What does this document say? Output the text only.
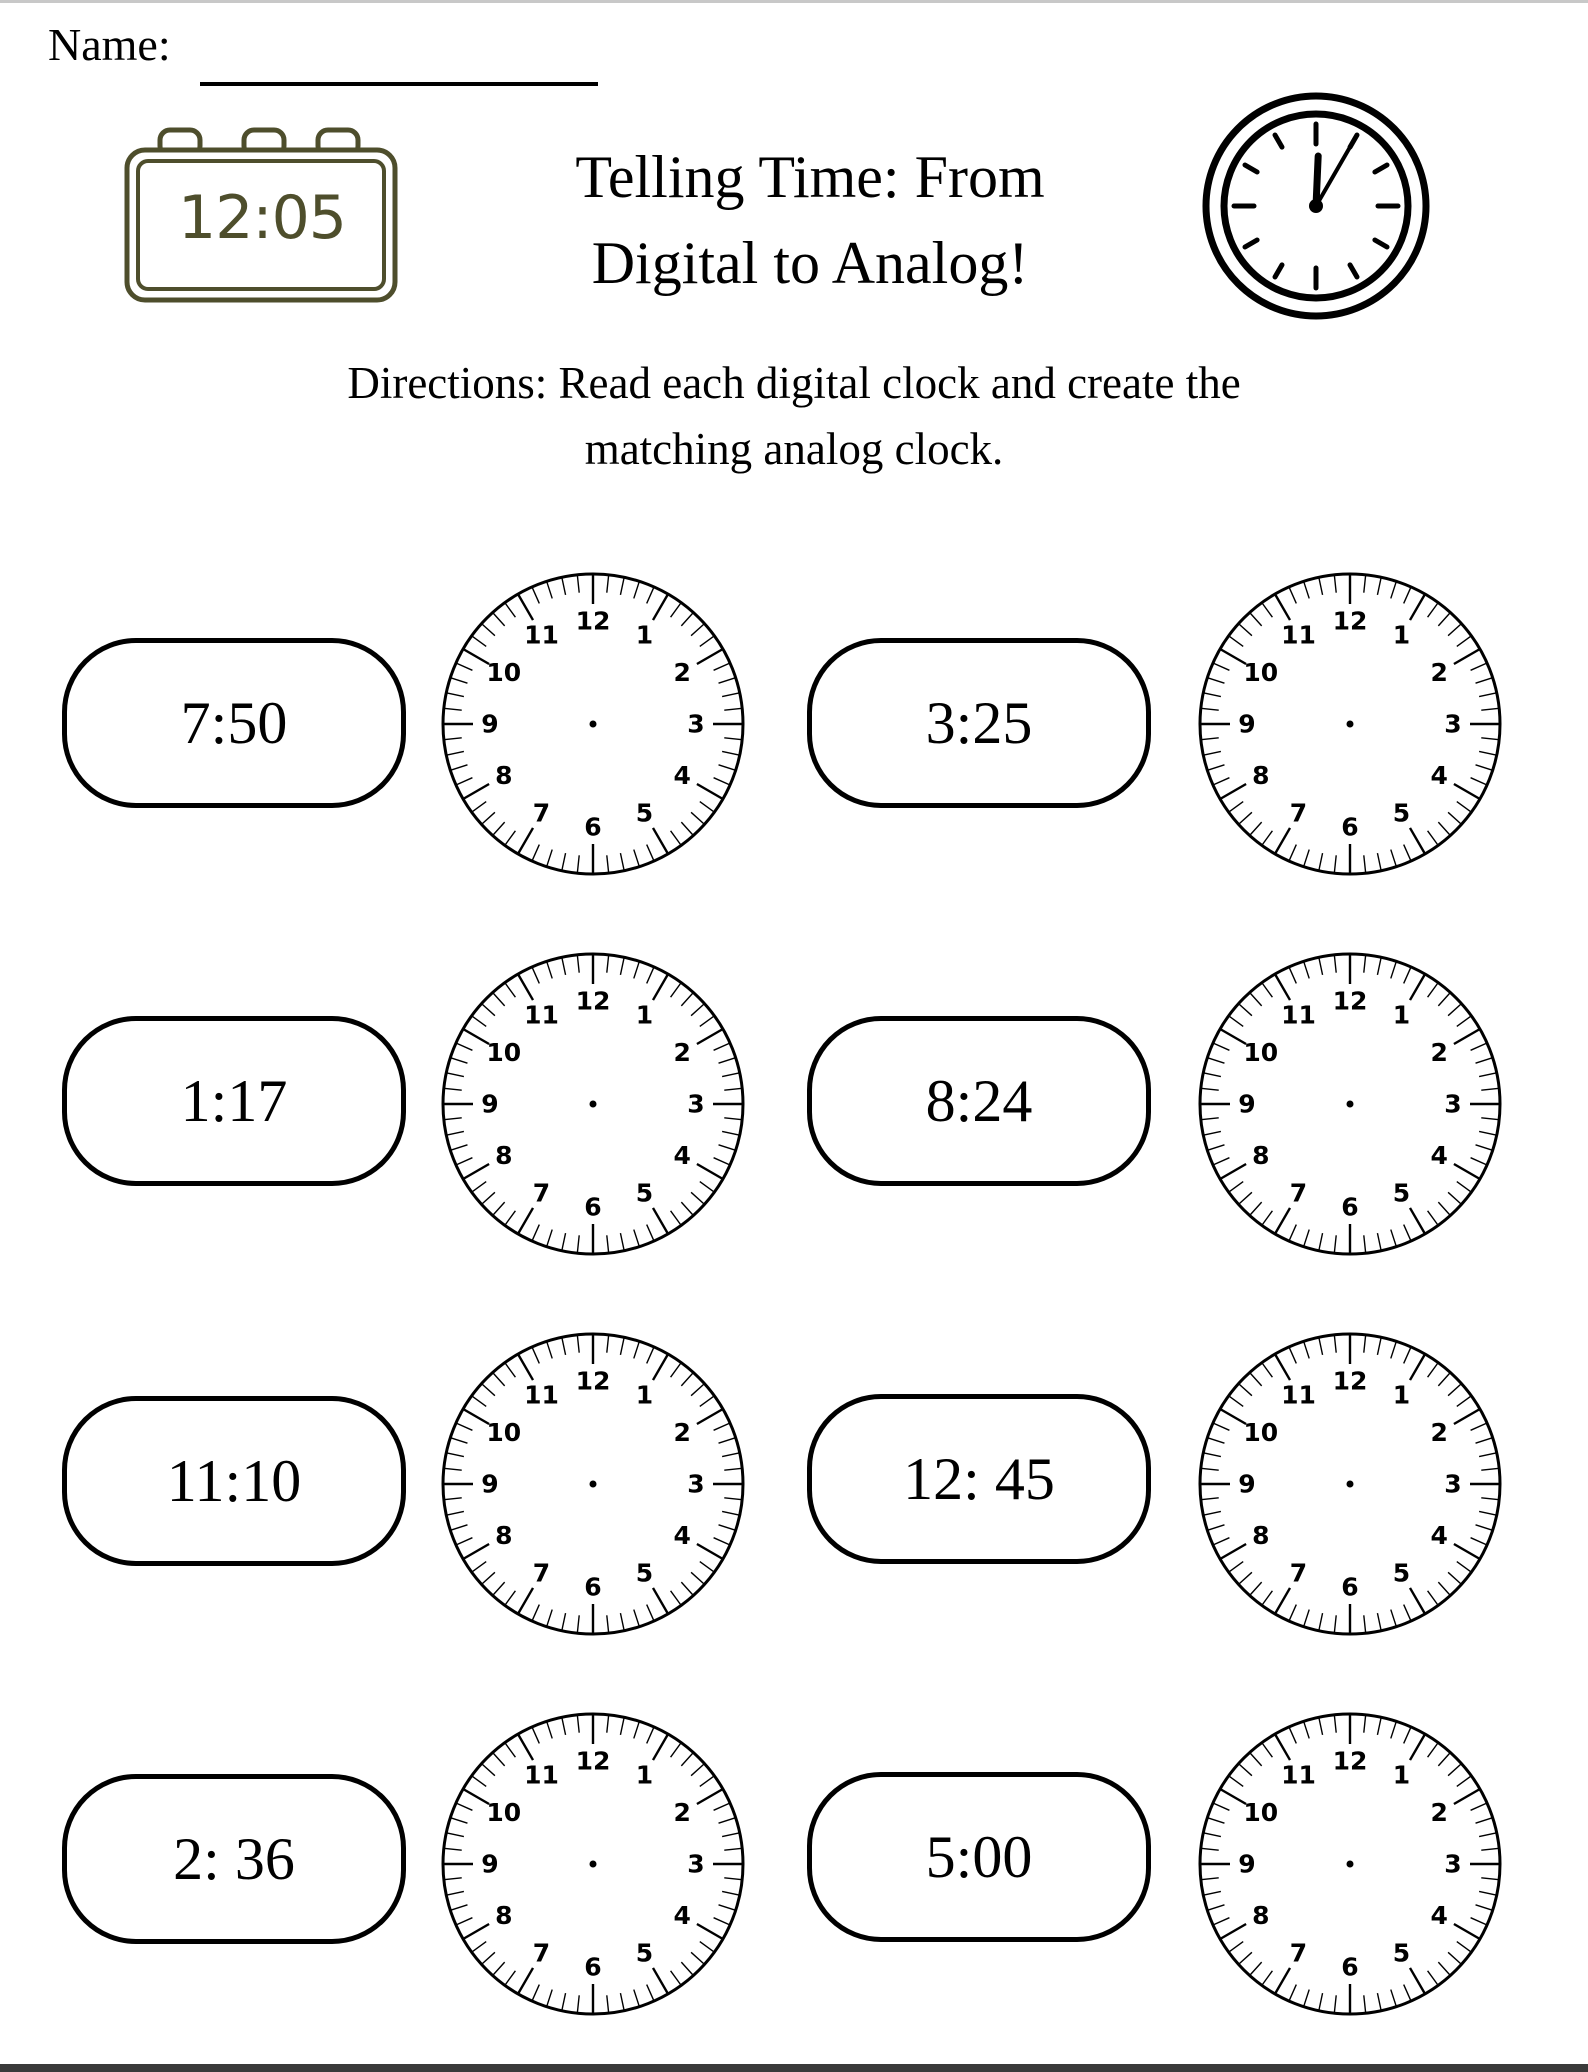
Name:
12:05
Telling Time: From
Digital to Analog!
Directions: Read each digital clock and create the
matching analog clock.
7:50
12 1
2
3
4
5
6
7
8
9
10
11
3:25
12 1
2
3
4
5
6
7
8
9
10
11
1:17
12 1
2
3
4
5
6
7
8
9
10
11
8:24
12 1
2
3
4
5
6
7
8
9
10
11
11:10
12 1
2
3
4
5
6
7
8
9
10
11
12: 45
12 1
2
3
4
5
6
7
8
9
10
11
2: 36
12 1
2
3
4
5
6
7
8
9
10
11
5:00
12 1
2
3
4
5
6
7
8
9
10
11
